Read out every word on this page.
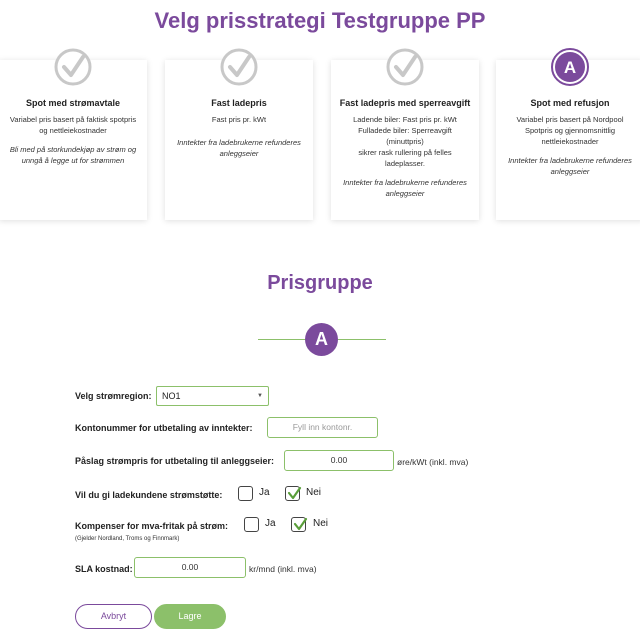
Velg prisstrategi Testgruppe PP
Spot med strømavtale
Variabel pris basert på faktisk spotpris
og nettleiekostnader
Bli med på storkundekjøp av strøm og
unngå å legge ut for strømmen
Fast ladepris
Fast pris pr. kWt
Inntekter fra ladebrukerne refunderes
anleggseier
Fast ladepris med sperreavgift
Ladende biler: Fast pris pr. kWt
Fulladede biler: Sperreavgift
(minuttpris)
sikrer rask rullering på felles
ladeplasser.
Inntekter fra ladebrukerne refunderes
anleggseier
A
Spot med refusjon
Variabel pris basert på Nordpool
Spotpris og gjennomsnittlig
nettleiekostnader
Inntekter fra ladebrukerne refunderes
anleggseier
Prisgruppe
A
Velg strømregion:	NO1	▼
Kontonummer for utbetaling av inntekter:	Fyll inn kontonr.
Påslag strømpris for utbetaling til anleggseier:	0.00	øre/kWt (inkl. mva)
Vil du gi ladekundene strømstøtte:	Ja	Nei
Kompenser for mva-fritak på strøm:
(Gjelder Nordland, Troms og Finnmark)
Ja	Nei
SLA kostnad:	0.00	kr/mnd (inkl. mva)
Avbryt	Lagre
